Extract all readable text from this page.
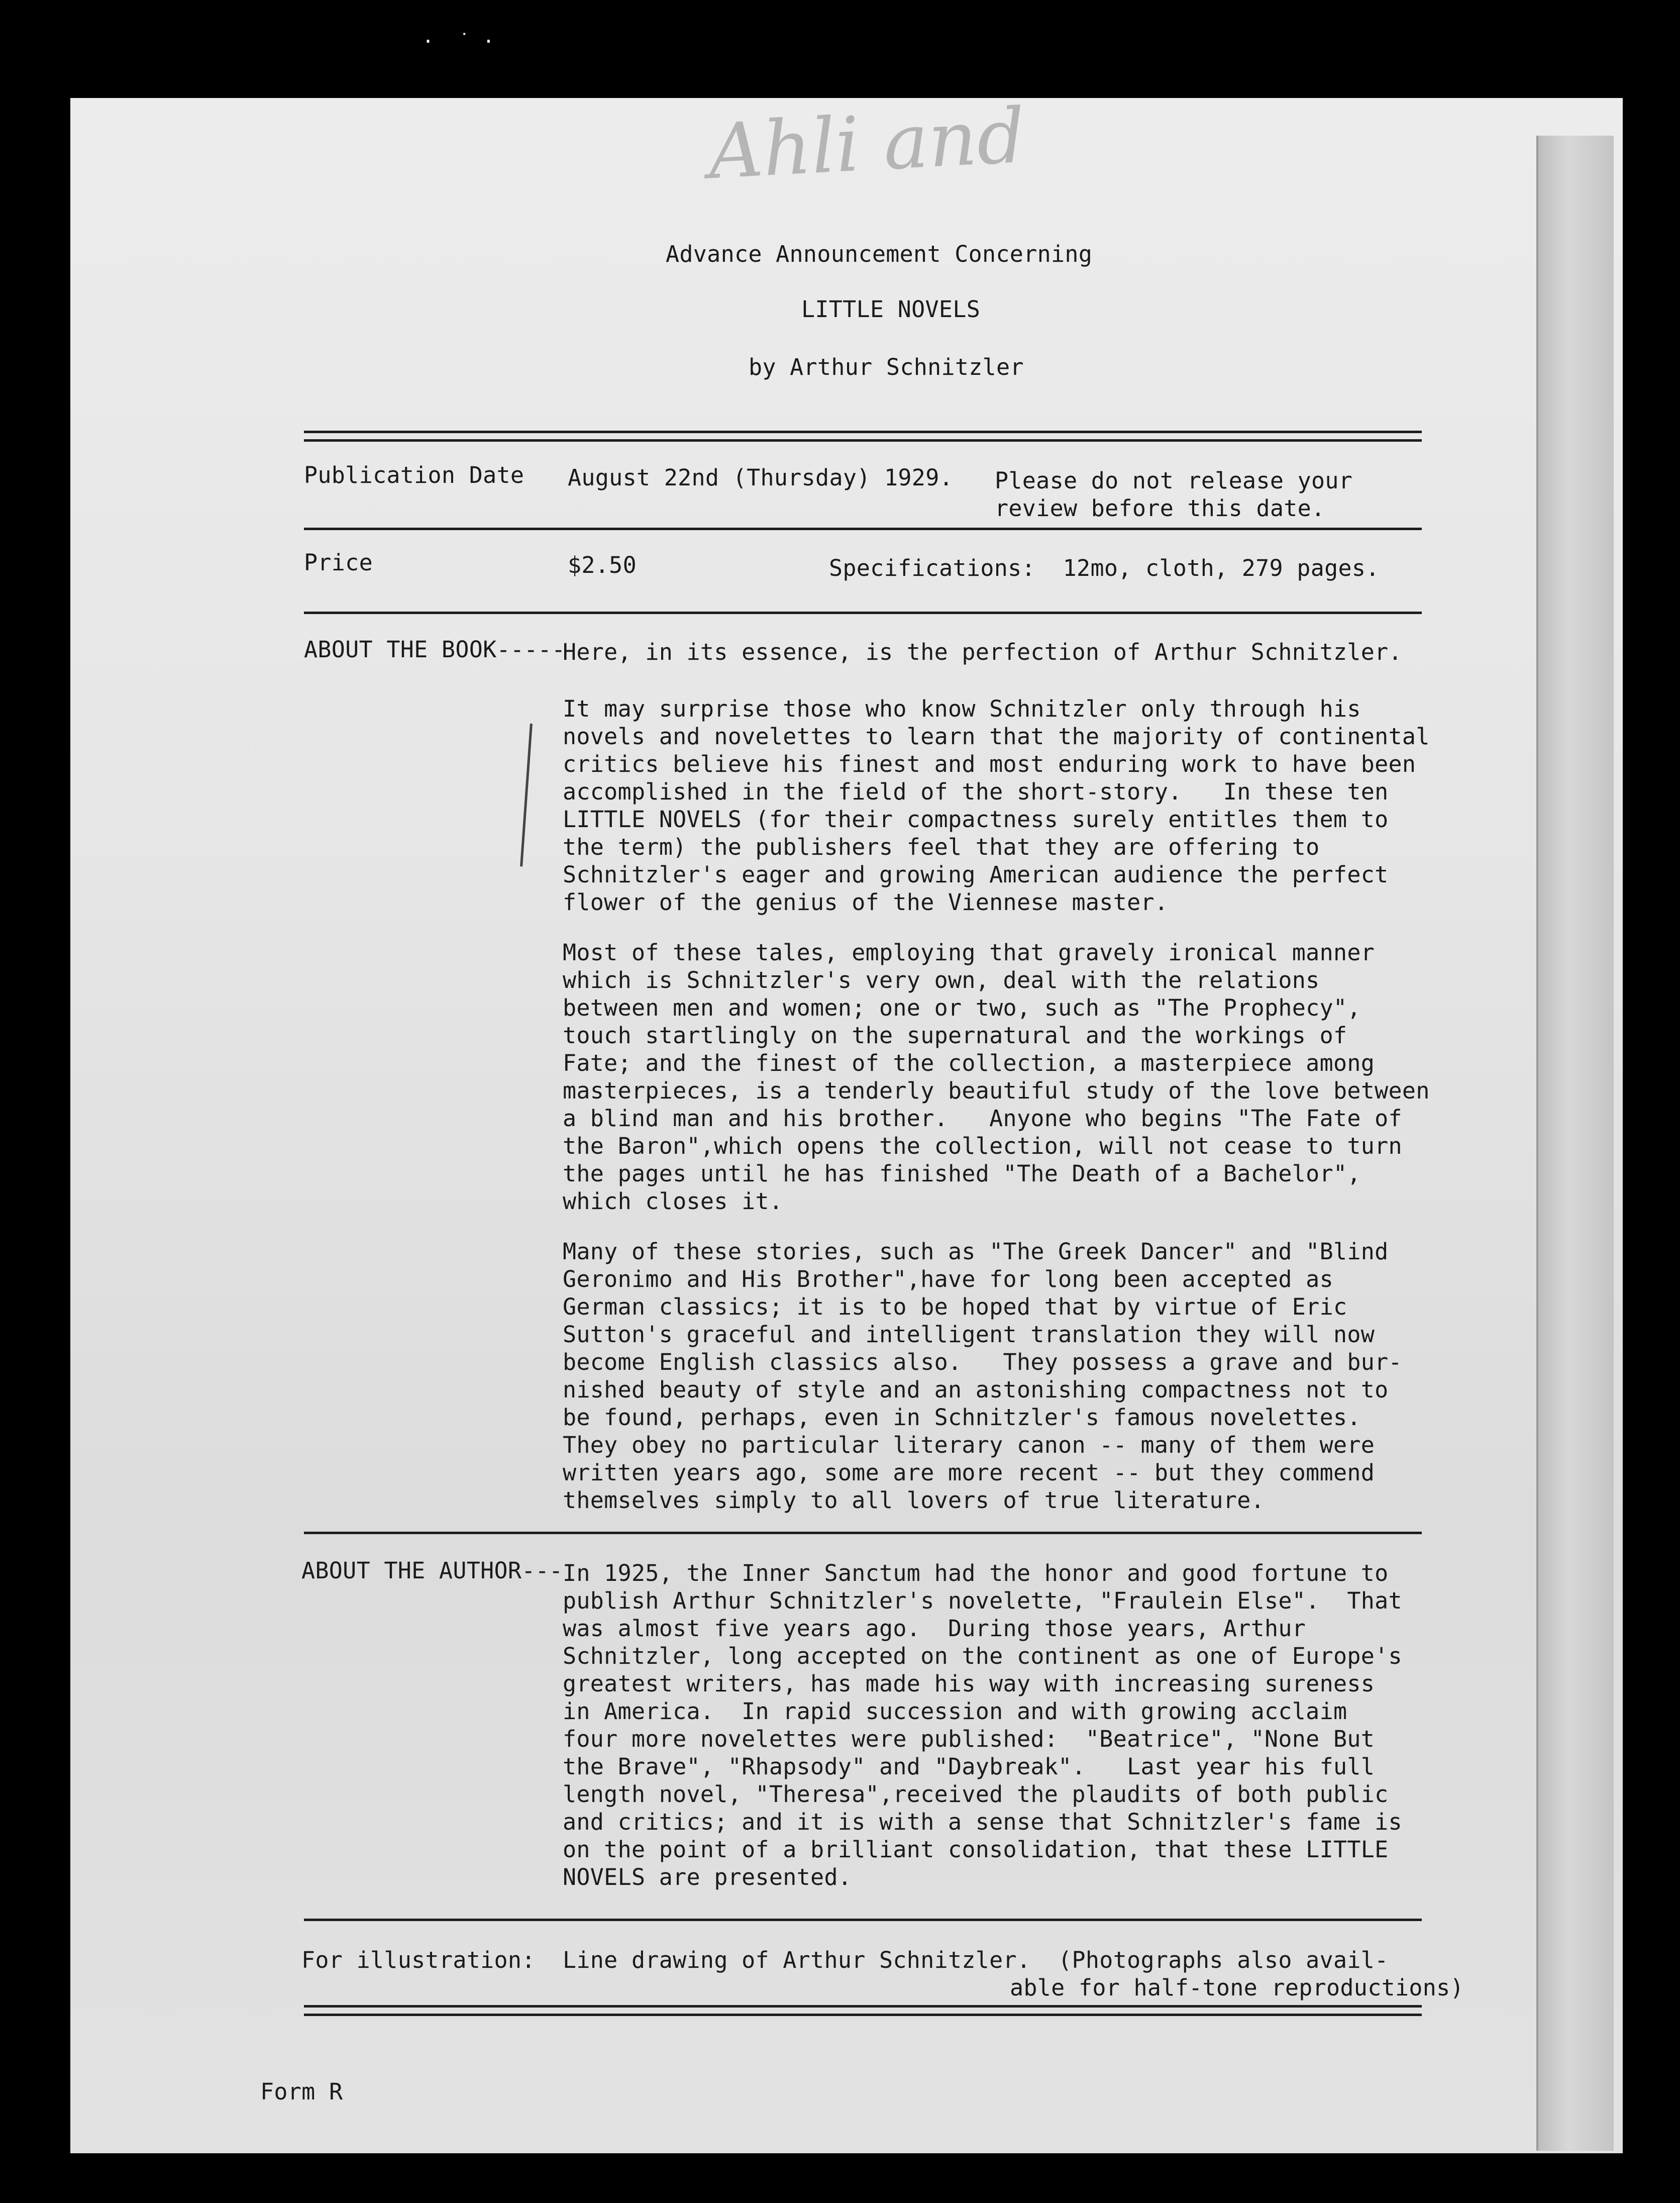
·  ˙ ·
Ahli and
Advance Announcement Concerning
LITTLE NOVELS
by Arthur Schnitzler
Publication Date August 22nd (Thursday) 1929. Please do not release your
review before this date.
Price	$2.50	Specifications:  12mo, cloth, 279 pages.
ABOUT THE BOOK-----
Here, in its essence, is the perfection of Arthur Schnitzler.
It may surprise those who know Schnitzler only through his
novels and novelettes to learn that the majority of continental
critics believe his finest and most enduring work to have been
accomplished in the field of the short-story.   In these ten
LITTLE NOVELS (for their compactness surely entitles them to
the term) the publishers feel that they are offering to
Schnitzler's eager and growing American audience the perfect
flower of the genius of the Viennese master.
Most of these tales, employing that gravely ironical manner
which is Schnitzler's very own, deal with the relations
between men and women; one or two, such as "The Prophecy",
touch startlingly on the supernatural and the workings of
Fate; and the finest of the collection, a masterpiece among
masterpieces, is a tenderly beautiful study of the love between
a blind man and his brother.   Anyone who begins "The Fate of
the Baron",which opens the collection, will not cease to turn
the pages until he has finished "The Death of a Bachelor",
which closes it.
Many of these stories, such as "The Greek Dancer" and "Blind
Geronimo and His Brother",have for long been accepted as
German classics; it is to be hoped that by virtue of Eric
Sutton's graceful and intelligent translation they will now
become English classics also.   They possess a grave and bur-
nished beauty of style and an astonishing compactness not to
be found, perhaps, even in Schnitzler's famous novelettes.
They obey no particular literary canon -- many of them were
written years ago, some are more recent -- but they commend
themselves simply to all lovers of true literature.
ABOUT THE AUTHOR--- In 1925, the Inner Sanctum had the honor and good fortune to
publish Arthur Schnitzler's novelette, "Fraulein Else".  That
was almost five years ago.  During those years, Arthur
Schnitzler, long accepted on the continent as one of Europe's
greatest writers, has made his way with increasing sureness
in America.  In rapid succession and with growing acclaim
four more novelettes were published:  "Beatrice", "None But
the Brave", "Rhapsody" and "Daybreak".   Last year his full
length novel, "Theresa",received the plaudits of both public
and critics; and it is with a sense that Schnitzler's fame is
on the point of a brilliant consolidation, that these LITTLE
NOVELS are presented.
For illustration: Line drawing of Arthur Schnitzler.  (Photographs also avail-
able for half-tone reproductions)
Form R
